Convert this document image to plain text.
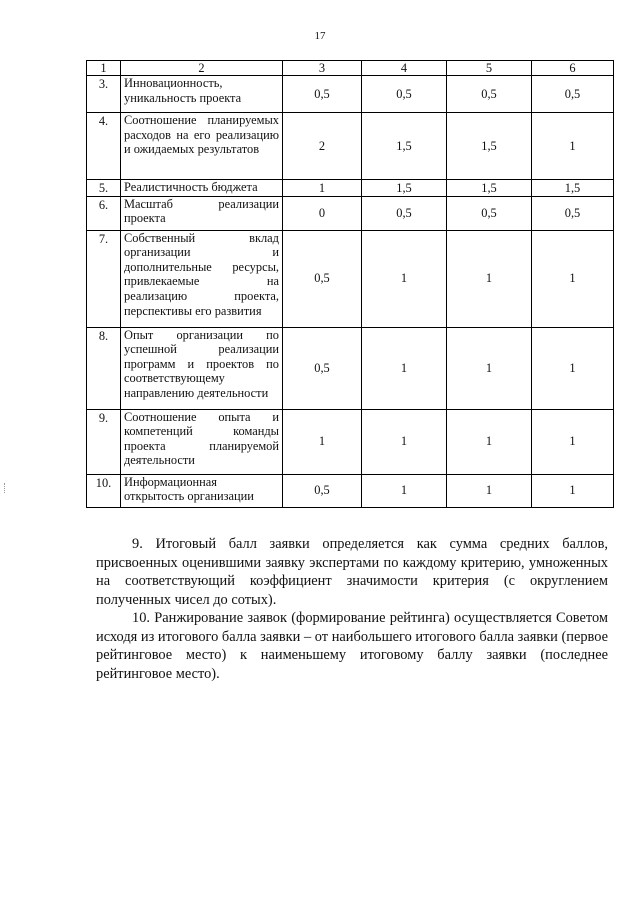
17
1	2	3	4	5	6
3.	Инновационность, уникальность проекта	0,5	0,5	0,5	0,5
4.	Соотношение планируемых расходов на его реализацию и ожидаемых результатов	2	1,5	1,5	1
5.	Реалистичность бюджета	1	1,5	1,5	1,5
6.	Масштаб реализации проекта	0	0,5	0,5	0,5
7.	Собственный вклад организации и дополнительные ресурсы, привлекаемые на реализацию проекта, перспективы его развития	0,5	1	1	1
8.	Опыт организации по успешной реализации программ и проектов по соответствующему направлению деятельности	0,5	1	1	1
9.	Соотношение опыта и компетенций команды проекта планируемой деятельности	1	1	1	1
10.	Информационная открытость организации	0,5	1	1	1

9. Итоговый балл заявки определяется как сумма средних баллов, присвоенных оценившими заявку экспертами по каждому критерию, умноженных на соответствующий коэффициент значимости критерия (с округлением полученных чисел до сотых).

10. Ранжирование заявок (формирование рейтинга) осуществляется Советом исходя из итогового балла заявки – от наибольшего итогового балла заявки (первое рейтинговое место) к наименьшему итоговому баллу заявки (последнее рейтинговое место).
